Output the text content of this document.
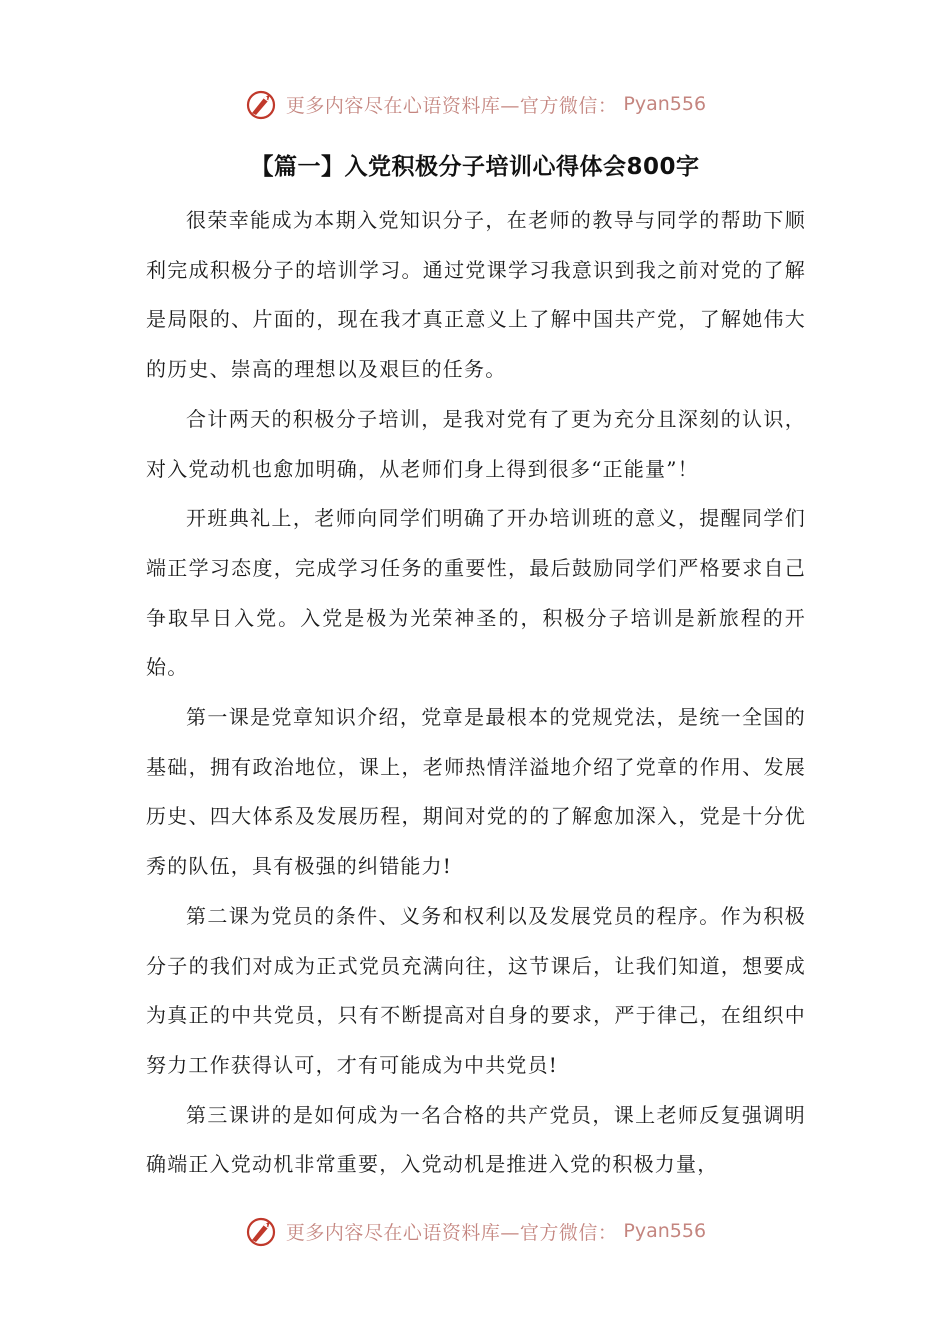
更多内容尽在心语资料库—官方微信： Pyan556
【篇一】入党积极分子培训心得体会800字

很荣幸能成为本期入党知识分子，在老师的教导与同学的帮助下顺利完成积极分子的培训学习。通过党课学习我意识到我之前对党的了解是局限的、片面的，现在我才真正意义上了解中国共产党，了解她伟大的历史、崇高的理想以及艰巨的任务。

合计两天的积极分子培训，是我对党有了更为充分且深刻的认识，对入党动机也愈加明确，从老师们身上得到很多“正能量”！

开班典礼上，老师向同学们明确了开办培训班的意义，提醒同学们端正学习态度，完成学习任务的重要性，最后鼓励同学们严格要求自己争取早日入党。入党是极为光荣神圣的，积极分子培训是新旅程的开始。

第一课是党章知识介绍，党章是最根本的党规党法，是统一全国的基础，拥有政治地位，课上，老师热情洋溢地介绍了党章的作用、发展历史、四大体系及发展历程，期间对党的的了解愈加深入，党是十分优秀的队伍，具有极强的纠错能力!

第二课为党员的条件、义务和权利以及发展党员的程序。作为积极分子的我们对成为正式党员充满向往，这节课后，让我们知道，想要成为真正的中共党员，只有不断提高对自身的要求，严于律己，在组织中努力工作获得认可，才有可能成为中共党员!

第三课讲的是如何成为一名合格的共产党员，课上老师反复强调明确端正入党动机非常重要，入党动机是推进入党的积极力量，

更多内容尽在心语资料库—官方微信： Pyan556
